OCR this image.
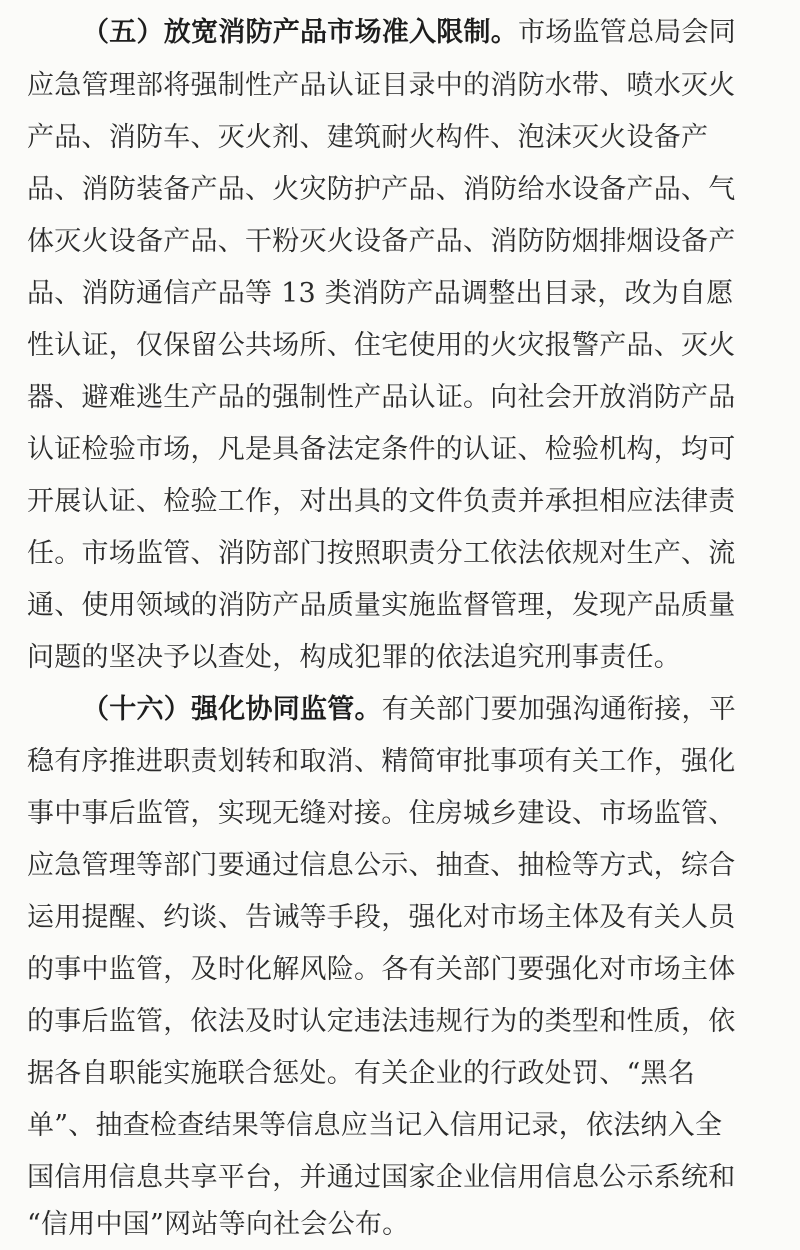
（五）放宽消防产品市场准入限制。市场监管总局会同
应急管理部将强制性产品认证目录中的消防水带、喷水灭火
产品、消防车、灭火剂、建筑耐火构件、泡沫灭火设备产
品、消防装备产品、火灾防护产品、消防给水设备产品、气
体灭火设备产品、干粉灭火设备产品、消防防烟排烟设备产
品、消防通信产品等 13 类消防产品调整出目录，改为自愿
性认证，仅保留公共场所、住宅使用的火灾报警产品、灭火
器、避难逃生产品的强制性产品认证。向社会开放消防产品
认证检验市场，凡是具备法定条件的认证、检验机构，均可
开展认证、检验工作，对出具的文件负责并承担相应法律责
任。市场监管、消防部门按照职责分工依法依规对生产、流
通、使用领域的消防产品质量实施监督管理，发现产品质量
问题的坚决予以查处，构成犯罪的依法追究刑事责任。
（十六）强化协同监管。有关部门要加强沟通衔接，平
稳有序推进职责划转和取消、精简审批事项有关工作，强化
事中事后监管，实现无缝对接。住房城乡建设、市场监管、
应急管理等部门要通过信息公示、抽查、抽检等方式，综合
运用提醒、约谈、告诫等手段，强化对市场主体及有关人员
的事中监管，及时化解风险。各有关部门要强化对市场主体
的事后监管，依法及时认定违法违规行为的类型和性质，依
据各自职能实施联合惩处。有关企业的行政处罚、“黑名
单”、抽查检查结果等信息应当记入信用记录，依法纳入全
国信用信息共享平台，并通过国家企业信用信息公示系统和
“信用中国”网站等向社会公布。
